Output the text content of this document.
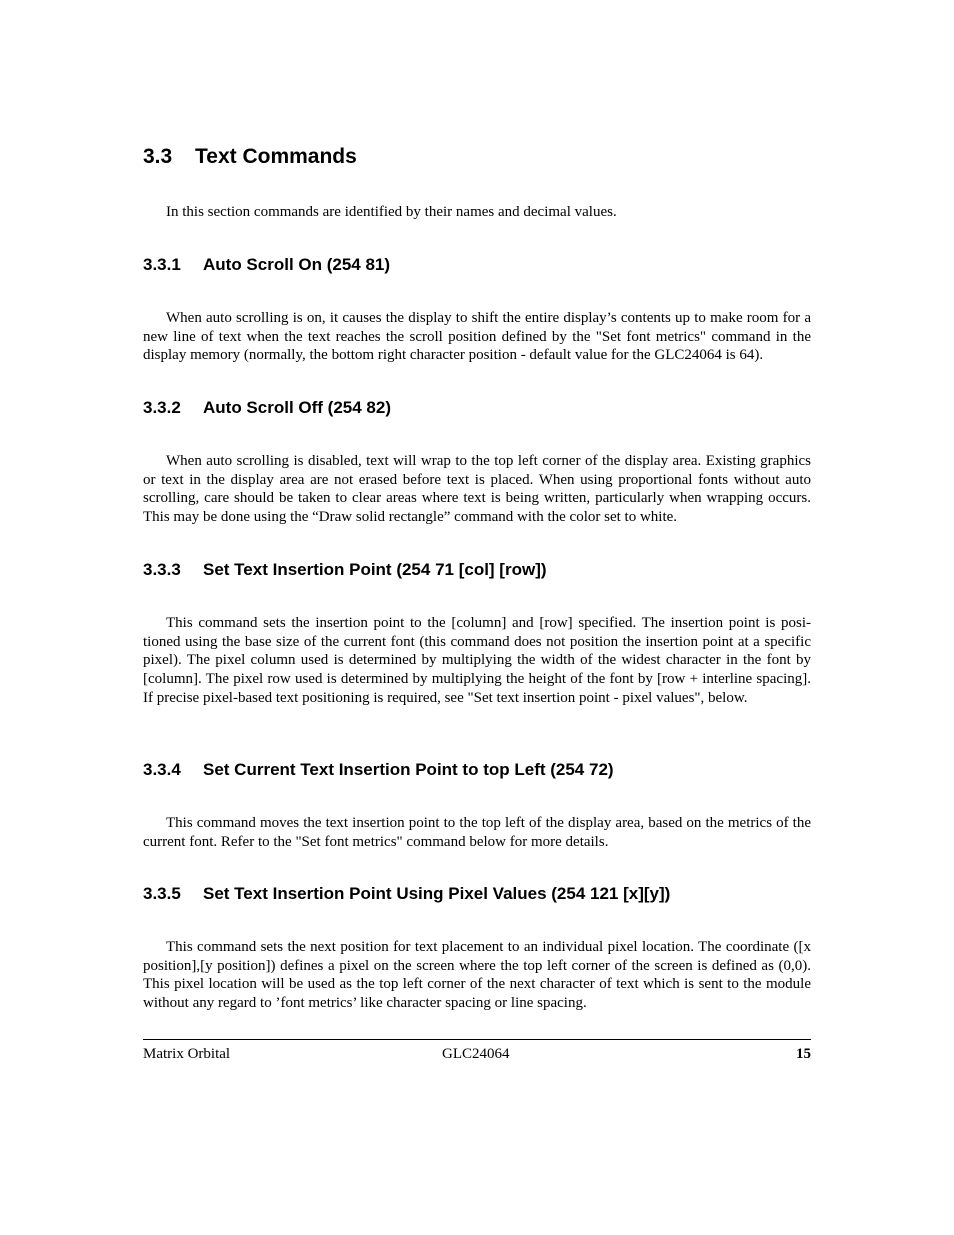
3.3 Text Commands

In this section commands are identified by their names and decimal values.

3.3.1 Auto Scroll On (254 81)

When auto scrolling is on, it causes the display to shift the entire display’s contents up to make room for a new line of text when the text reaches the scroll position defined by the "Set font metrics" command in the display memory (normally, the bottom right character position - default value for the GLC24064 is 64).

3.3.2 Auto Scroll Off (254 82)

When auto scrolling is disabled, text will wrap to the top left corner of the display area. Existing graphics or text in the display area are not erased before text is placed. When using proportional fonts without auto scrolling, care should be taken to clear areas where text is being written, particularly when wrapping occurs. This may be done using the “Draw solid rectangle” command with the color set to white.

3.3.3 Set Text Insertion Point (254 71 [col] [row])

This command sets the insertion point to the [column] and [row] specified. The insertion point is positioned using the base size of the current font (this command does not position the insertion point at a specific pixel). The pixel column used is determined by multiplying the width of the widest character in the font by [column]. The pixel row used is determined by multiplying the height of the font by [row + interline spacing]. If precise pixel-based text positioning is required, see "Set text insertion point - pixel values", below.

3.3.4 Set Current Text Insertion Point to top Left (254 72)

This command moves the text insertion point to the top left of the display area, based on the metrics of the current font. Refer to the "Set font metrics" command below for more details.

3.3.5 Set Text Insertion Point Using Pixel Values (254 121 [x][y])

This command sets the next position for text placement to an individual pixel location. The coordinate ([x position],[y position]) defines a pixel on the screen where the top left corner of the screen is defined as (0,0). This pixel location will be used as the top left corner of the next character of text which is sent to the module without any regard to ’font metrics’ like character spacing or line spacing.

Matrix Orbital	GLC24064	15
